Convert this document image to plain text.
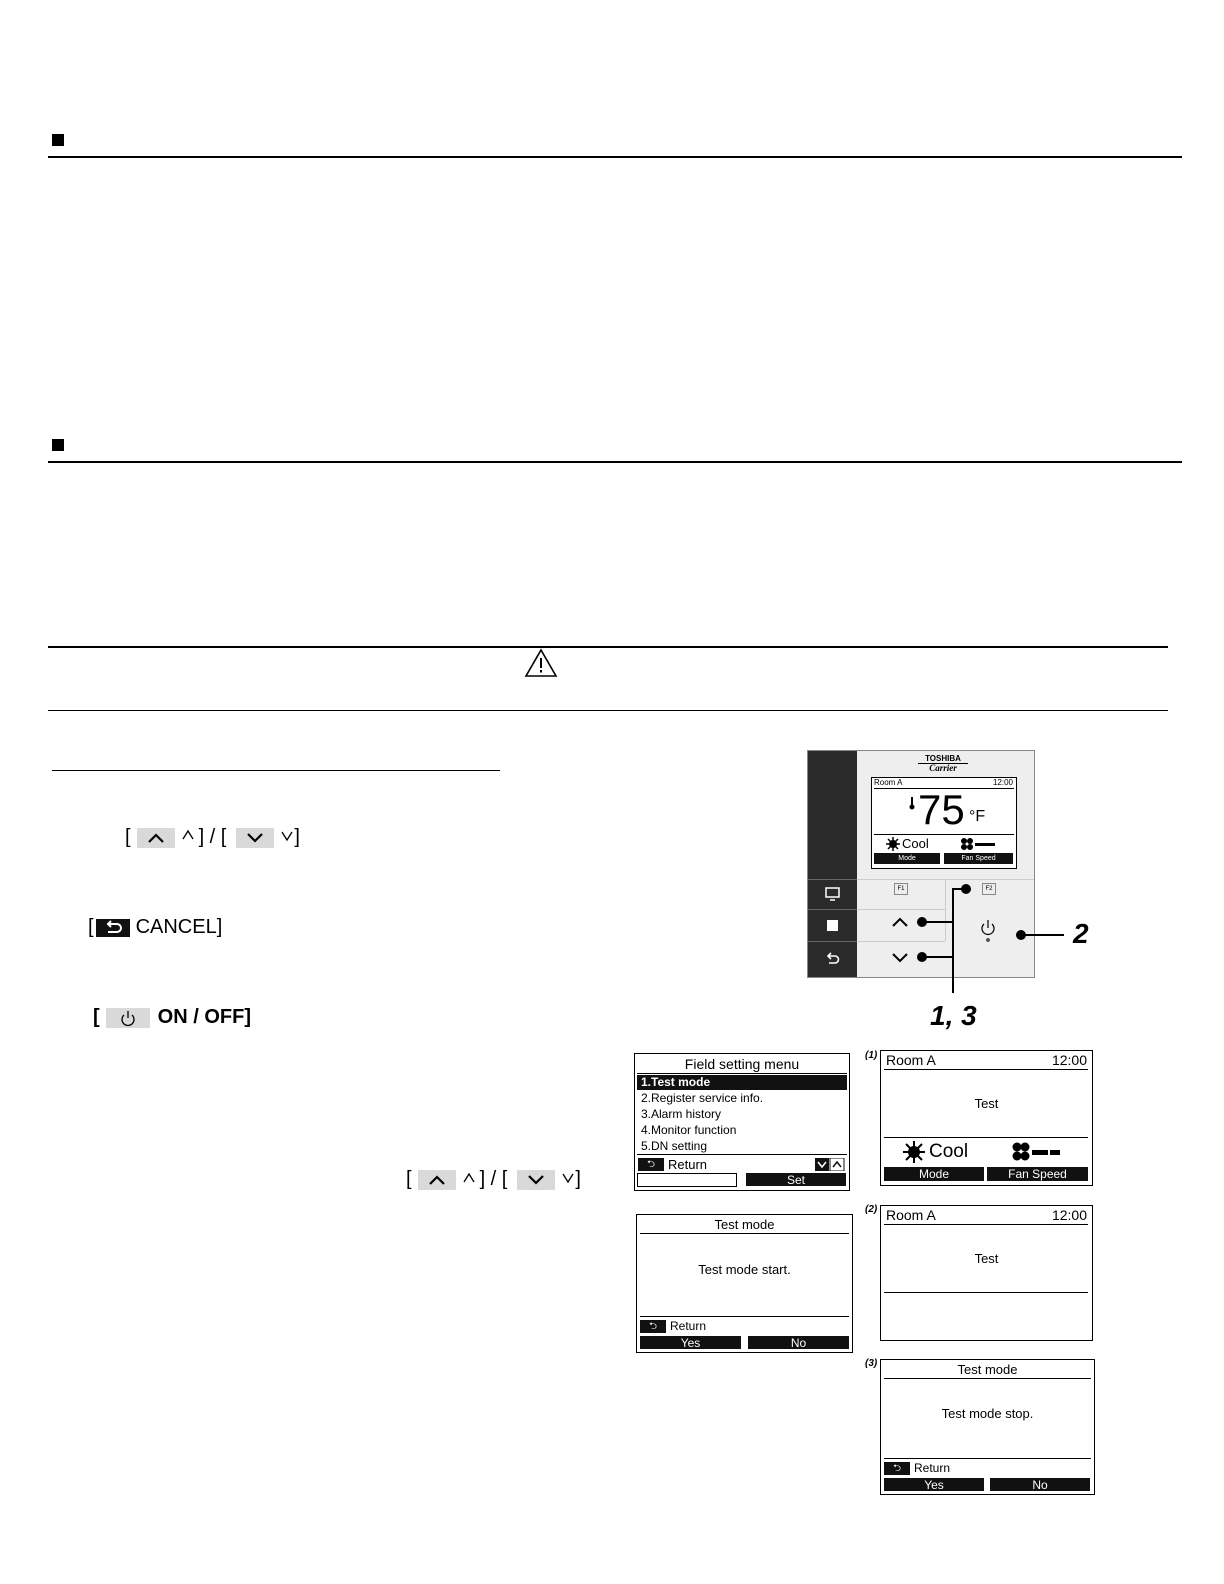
[	] / [	]
[ CANCEL]
[	ON / OFF]
[	] / [	]
TOSHIBA
Carrier
Room A	12:00
75 °F
Cool
Mode	Fan Speed
F1	F2
2
1, 3
Field setting menu
1.Test mode
2.Register service info.
3.Alarm history
4.Monitor function
5.DN setting
⮌	Return
Set
(1) Room A	12:00
Test
Cool
Mode	Fan Speed
Test mode
Test mode start.
⮌	Return
Yes	No
(2) Room A	12:00
Test
(3)	Test mode
Test mode stop.
⮌	Return
Yes	No
